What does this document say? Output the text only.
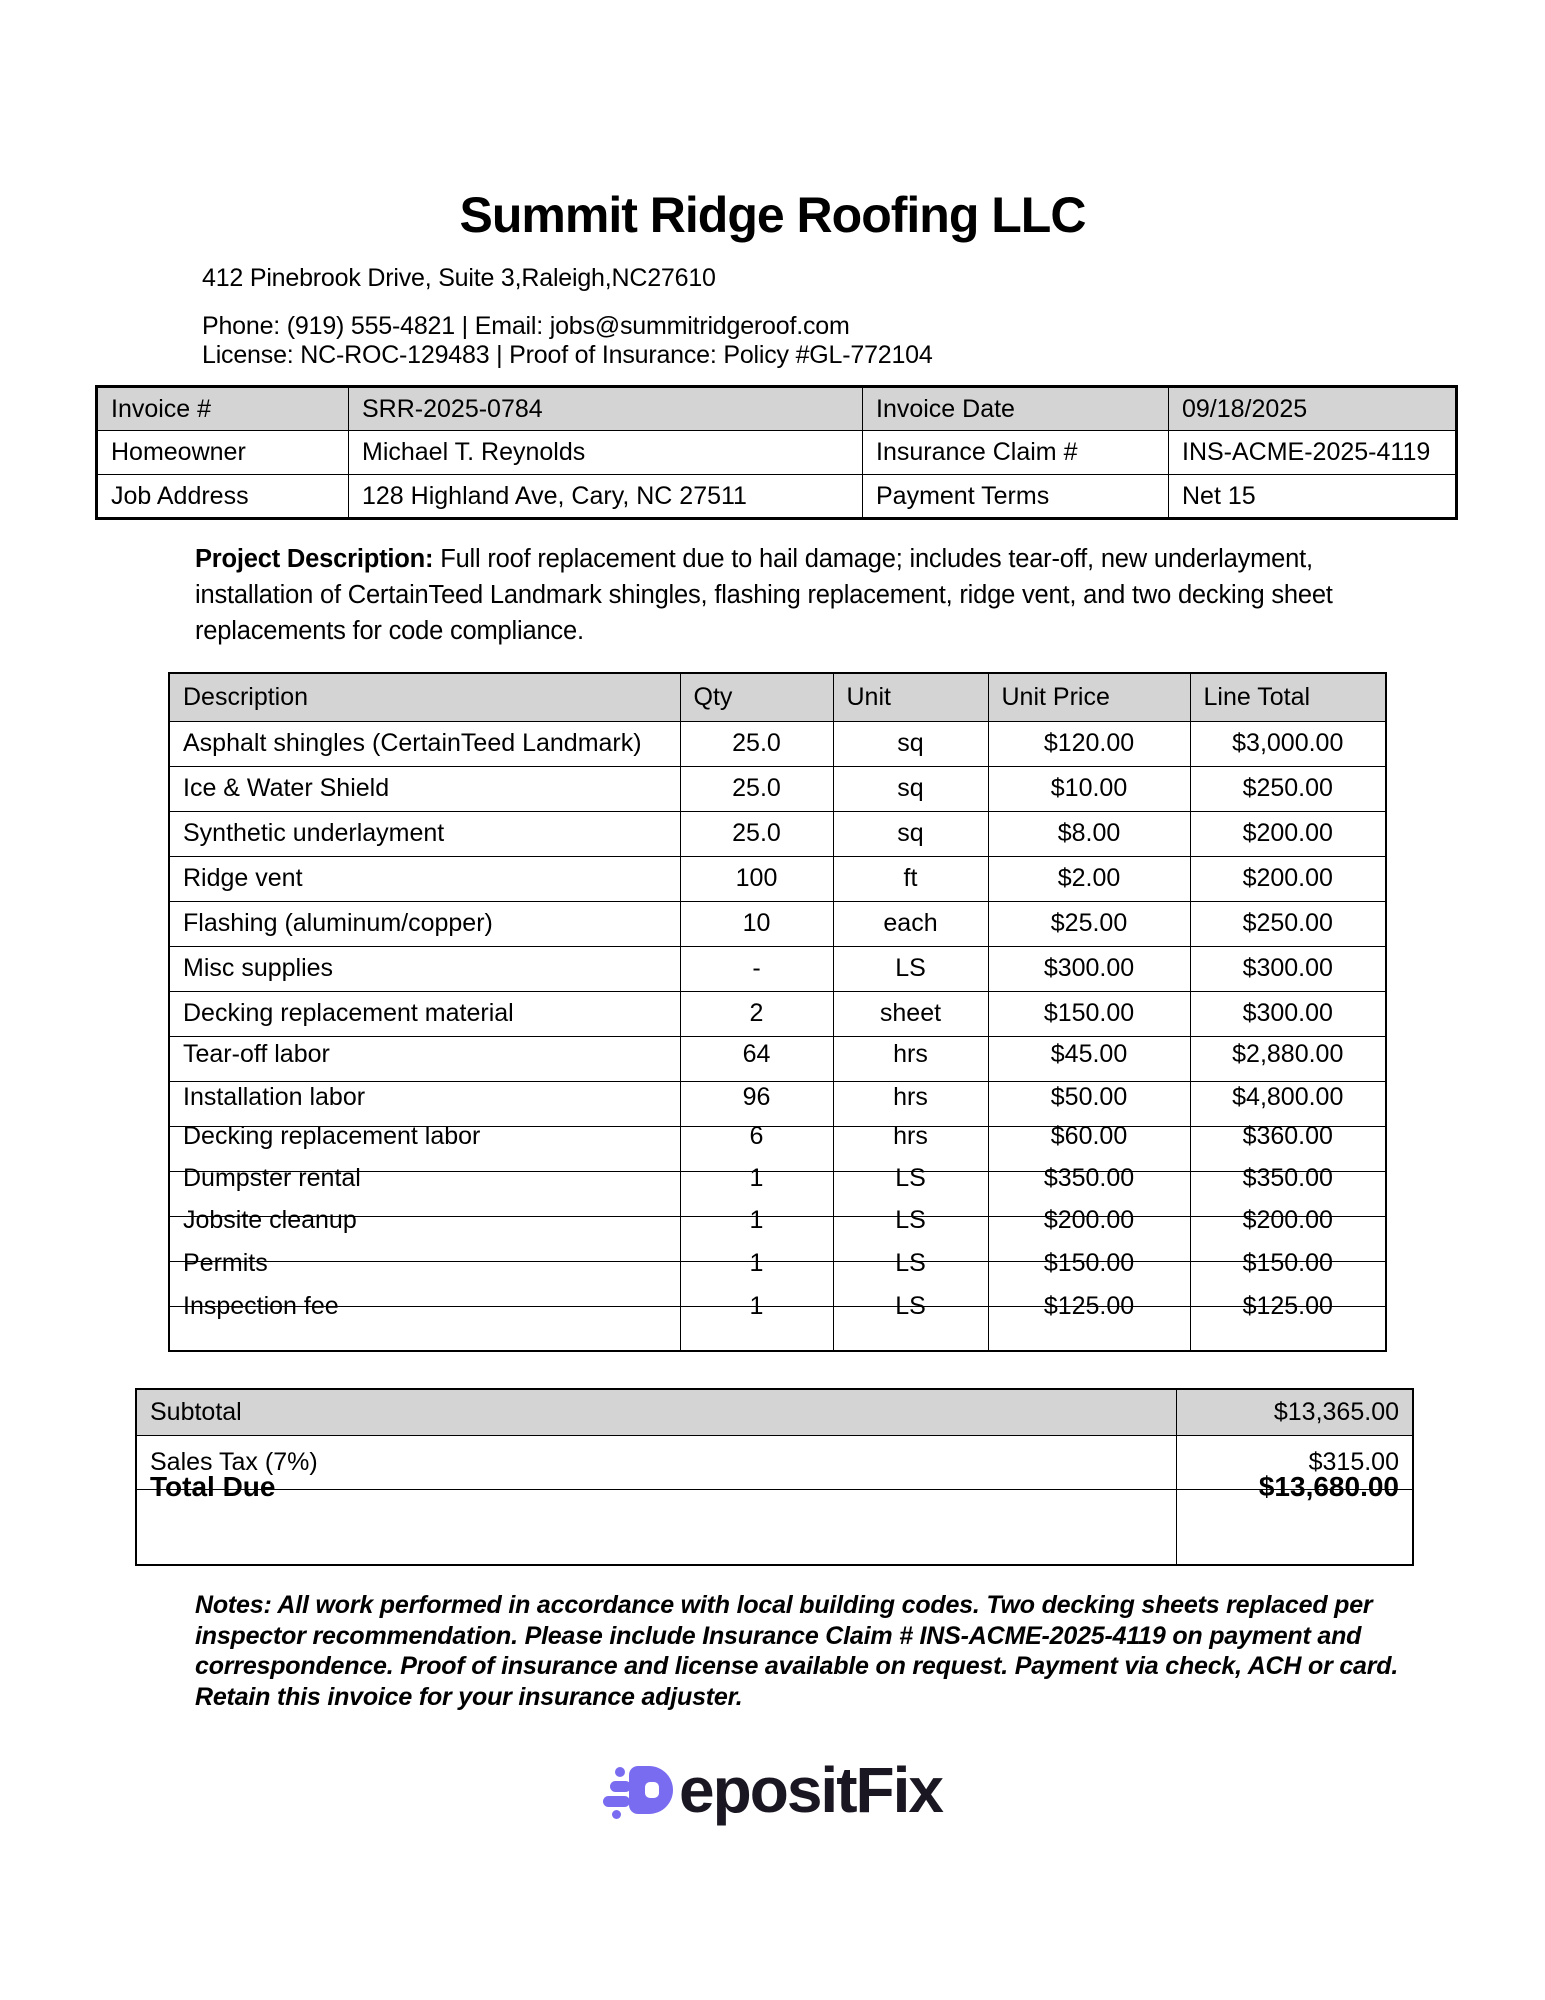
Summit Ridge Roofing LLC
412 Pinebrook Drive, Suite 3,Raleigh,NC27610
Phone: (919) 555-4821 | Email: jobs@summitridgeroof.com
License: NC-ROC-129483 | Proof of Insurance: Policy #GL-772104
Invoice #	SRR-2025-0784	Invoice Date	09/18/2025
Homeowner	Michael T. Reynolds	Insurance Claim #	INS-ACME-2025-4119
Job Address	128 Highland Ave, Cary, NC 27511	Payment Terms	Net 15
Project Description: Full roof replacement due to hail damage; includes tear-off, new underlayment, installation of CertainTeed Landmark shingles, flashing replacement, ridge vent, and two decking sheet replacements for code compliance.
Description	Qty	Unit	Unit Price	Line Total
Asphalt shingles (CertainTeed Landmark)	25.0	sq	$120.00	$3,000.00
Ice & Water Shield	25.0	sq	$10.00	$250.00
Synthetic underlayment	25.0	sq	$8.00	$200.00
Ridge vent	100	ft	$2.00	$200.00
Flashing (aluminum/copper)	10	each	$25.00	$250.00
Misc supplies	-	LS	$300.00	$300.00
Decking replacement material	2	sheet	$150.00	$300.00
Tear-off labor	64	hrs	$45.00	$2,880.00
Installation labor	96	hrs	$50.00	$4,800.00
Decking replacement labor	6	hrs	$60.00	$360.00
Dumpster rental	1	LS	$350.00	$350.00
Jobsite cleanup	1	LS	$200.00	$200.00
Permits	1	LS	$150.00	$150.00
Inspection fee	1	LS	$125.00	$125.00
Subtotal	$13,365.00
Sales Tax (7%)	$315.00
Total Due	$13,680.00
Notes: All work performed in accordance with local building codes. Two decking sheets replaced per inspector recommendation. Please include Insurance Claim # INS-ACME-2025-4119 on payment and correspondence. Proof of insurance and license available on request. Payment via check, ACH or card. Retain this invoice for your insurance adjuster.
epositFix
